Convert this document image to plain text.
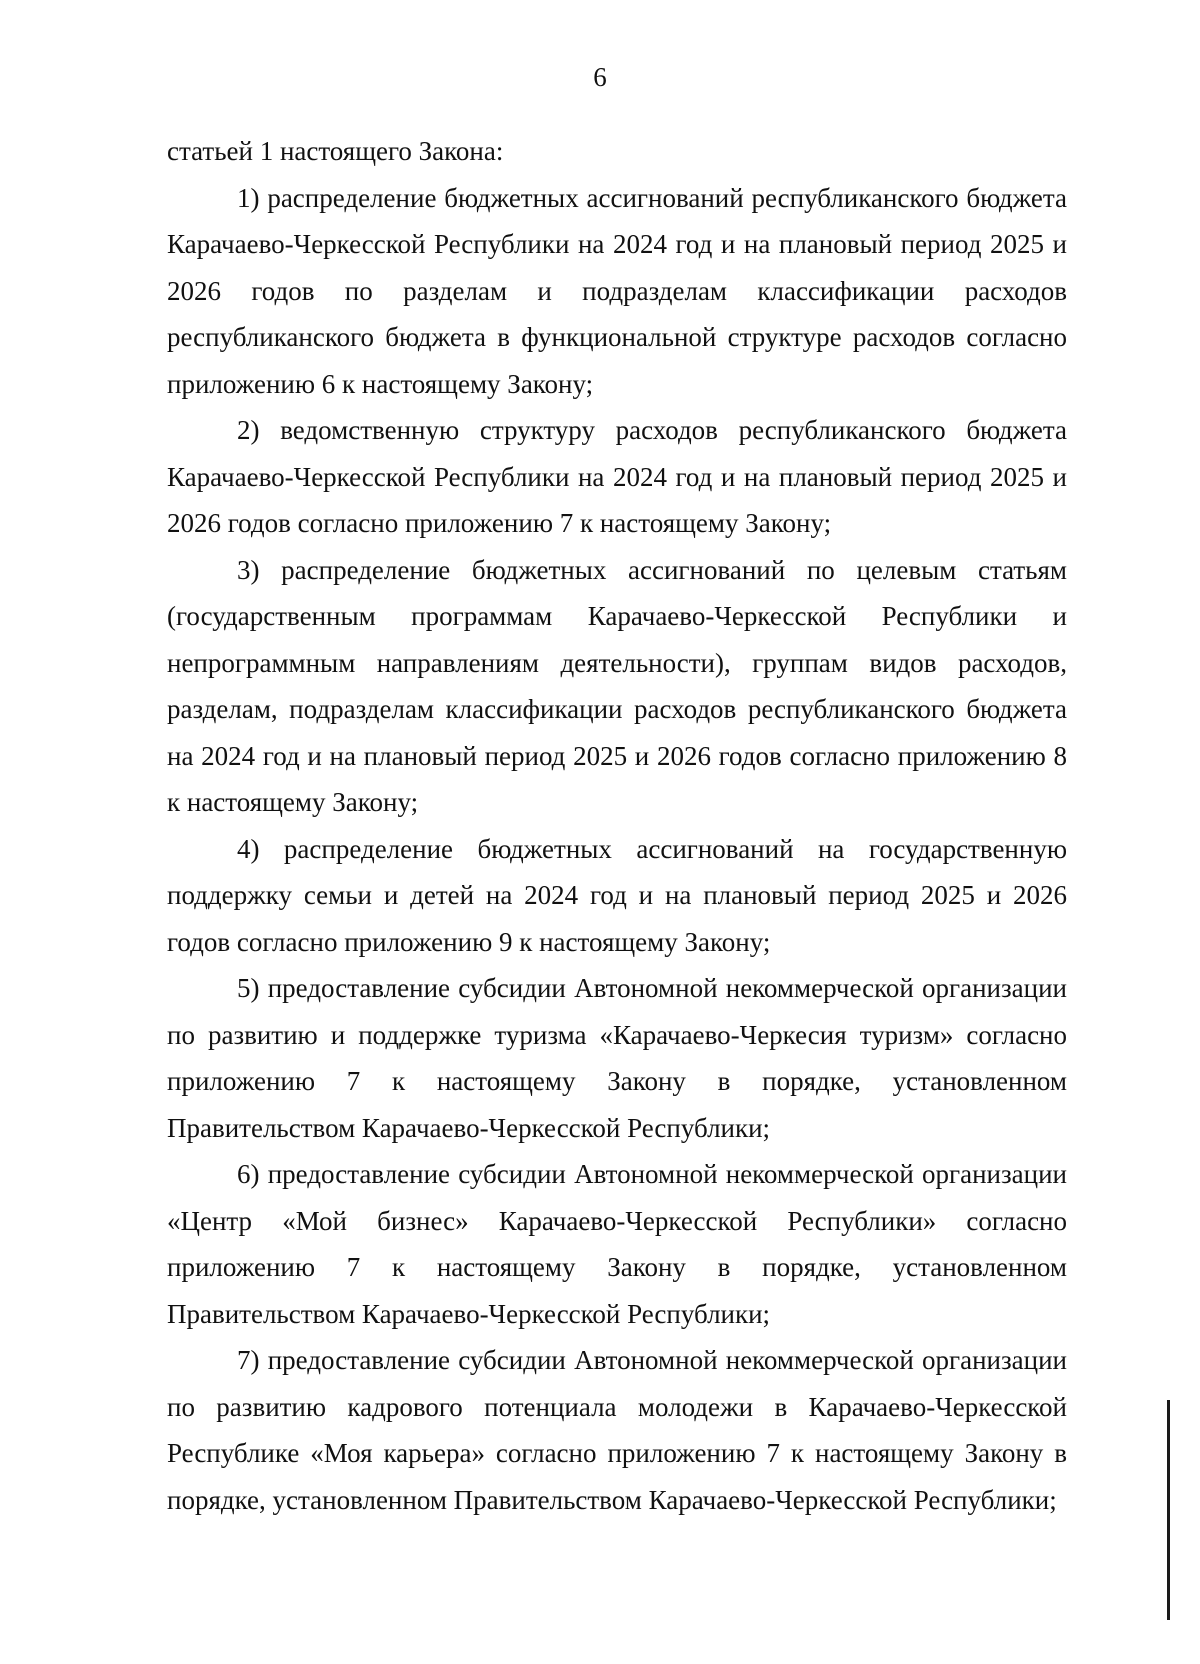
6

статьей 1 настоящего Закона:

1) распределение бюджетных ассигнований республиканского бюджета Карачаево-Черкесской Республики на 2024 год и на плановый период 2025 и 2026 годов по разделам и подразделам классификации расходов республиканского бюджета в функциональной структуре расходов согласно приложению 6 к настоящему Закону;

2) ведомственную структуру расходов республиканского бюджета Карачаево-Черкесской Республики на 2024 год и на плановый период 2025 и 2026 годов согласно приложению 7 к настоящему Закону;

3) распределение бюджетных ассигнований по целевым статьям (государственным программам Карачаево-Черкесской Республики и непрограммным направлениям деятельности), группам видов расходов, разделам, подразделам классификации расходов республиканского бюджета на 2024 год и на плановый период 2025 и 2026 годов согласно приложению 8 к настоящему Закону;

4) распределение бюджетных ассигнований на государственную поддержку семьи и детей на 2024 год и на плановый период 2025 и 2026 годов согласно приложению 9 к настоящему Закону;

5) предоставление субсидии Автономной некоммерческой организации по развитию и поддержке туризма «Карачаево-Черкесия туризм» согласно приложению 7 к настоящему Закону в порядке, установленном Правительством Карачаево-Черкесской Республики;

6) предоставление субсидии Автономной некоммерческой организации «Центр «Мой бизнес» Карачаево-Черкесской Республики» согласно приложению 7 к настоящему Закону в порядке, установленном Правительством Карачаево-Черкесской Республики;

7) предоставление субсидии Автономной некоммерческой организации по развитию кадрового потенциала молодежи в Карачаево-Черкесской Республике «Моя карьера» согласно приложению 7 к настоящему Закону в порядке, установленном Правительством Карачаево-Черкесской Республики;
